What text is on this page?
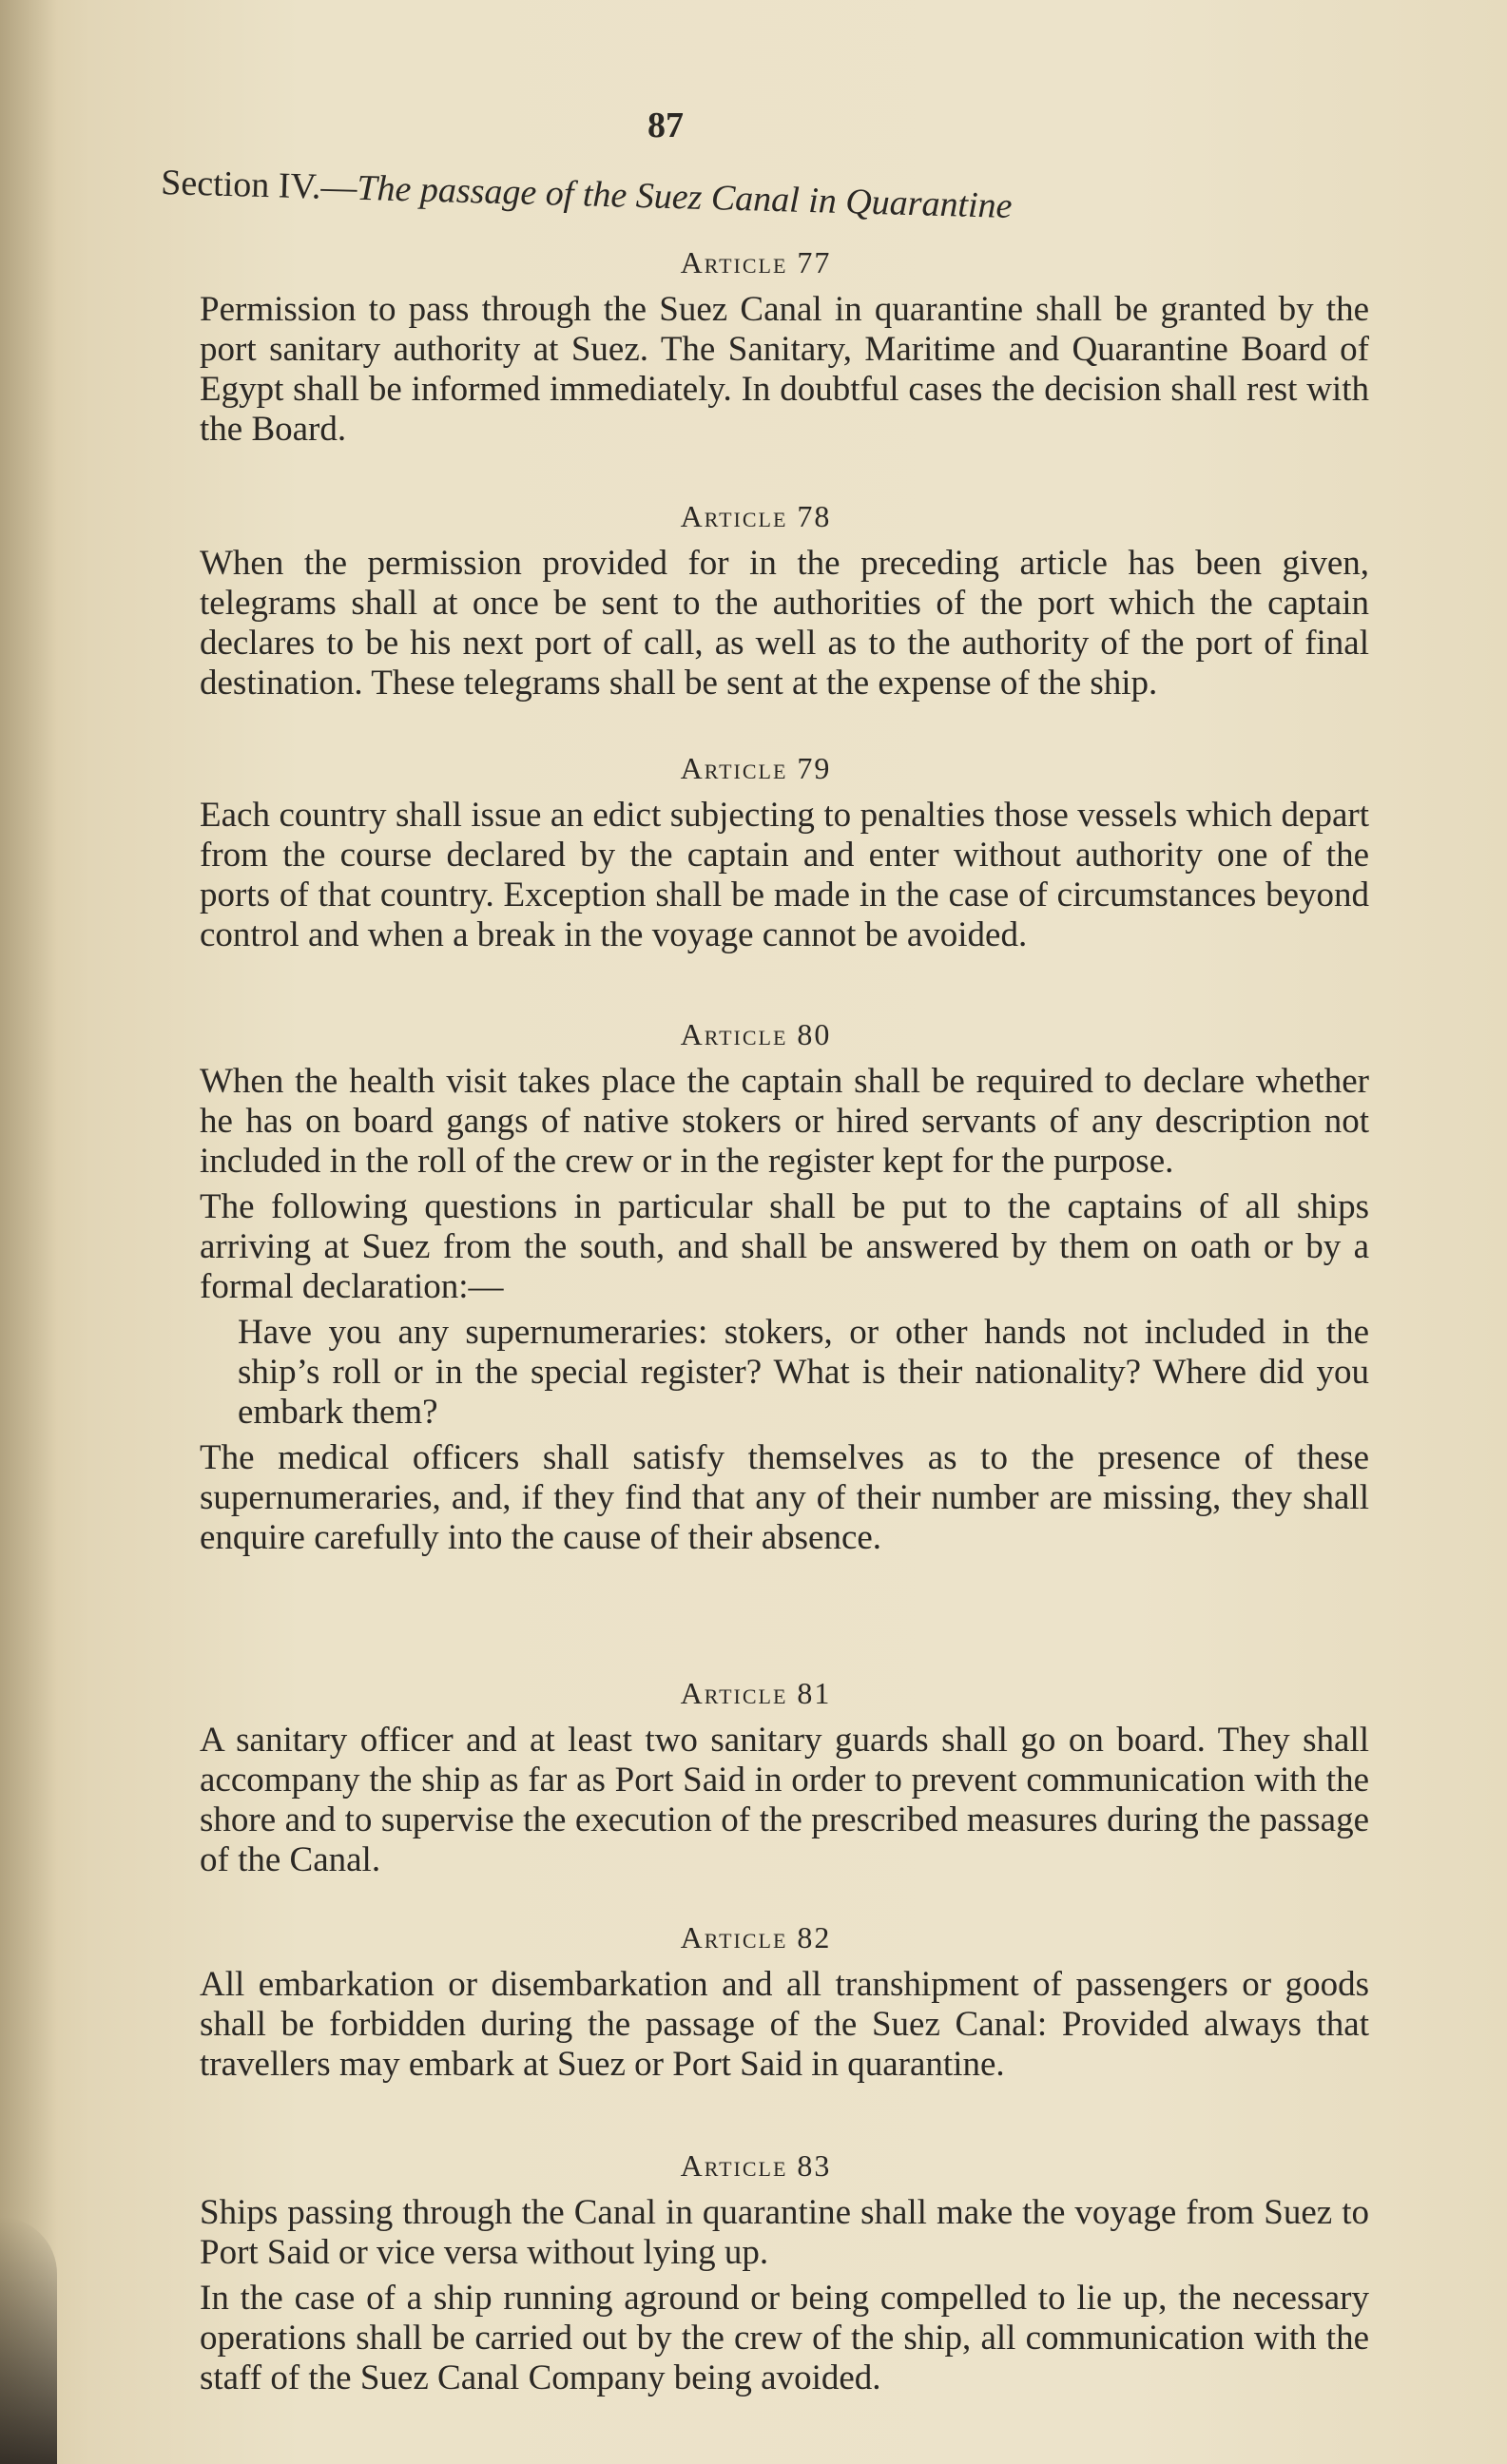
87
Section IV.—The passage of the Suez Canal in Quarantine
Article 77

Permission to pass through the Suez Canal in quarantine shall be granted by the port sanitary authority at Suez. The Sanitary, Maritime and Quarantine Board of Egypt shall be informed immediately. In doubtful cases the decision shall rest with the Board.

Article 78

When the permission provided for in the preceding article has been given, telegrams shall at once be sent to the authorities of the port which the captain declares to be his next port of call, as well as to the authority of the port of final destination. These telegrams shall be sent at the expense of the ship.

Article 79

Each country shall issue an edict subjecting to penalties those vessels which depart from the course declared by the captain and enter without authority one of the ports of that country. Exception shall be made in the case of circumstances beyond control and when a break in the voyage cannot be avoided.

Article 80

When the health visit takes place the captain shall be required to declare whether he has on board gangs of native stokers or hired servants of any description not included in the roll of the crew or in the register kept for the purpose.

The following questions in particular shall be put to the captains of all ships arriving at Suez from the south, and shall be answered by them on oath or by a formal declaration:—

Have you any supernumeraries: stokers, or other hands not included in the ship’s roll or in the special register? What is their nationality? Where did you embark them?

The medical officers shall satisfy themselves as to the presence of these supernumeraries, and, if they find that any of their number are missing, they shall enquire carefully into the cause of their absence.

Article 81

A sanitary officer and at least two sanitary guards shall go on board. They shall accompany the ship as far as Port Said in order to prevent communication with the shore and to supervise the execution of the prescribed measures during the passage of the Canal.

Article 82

All embarkation or disembarkation and all transhipment of passengers or goods shall be forbidden during the passage of the Suez Canal: Provided always that travellers may embark at Suez or Port Said in quarantine.

Article 83

Ships passing through the Canal in quarantine shall make the voyage from Suez to Port Said or vice versa without lying up.

In the case of a ship running aground or being compelled to lie up, the necessary operations shall be carried out by the crew of the ship, all communication with the staff of the Suez Canal Company being avoided.
